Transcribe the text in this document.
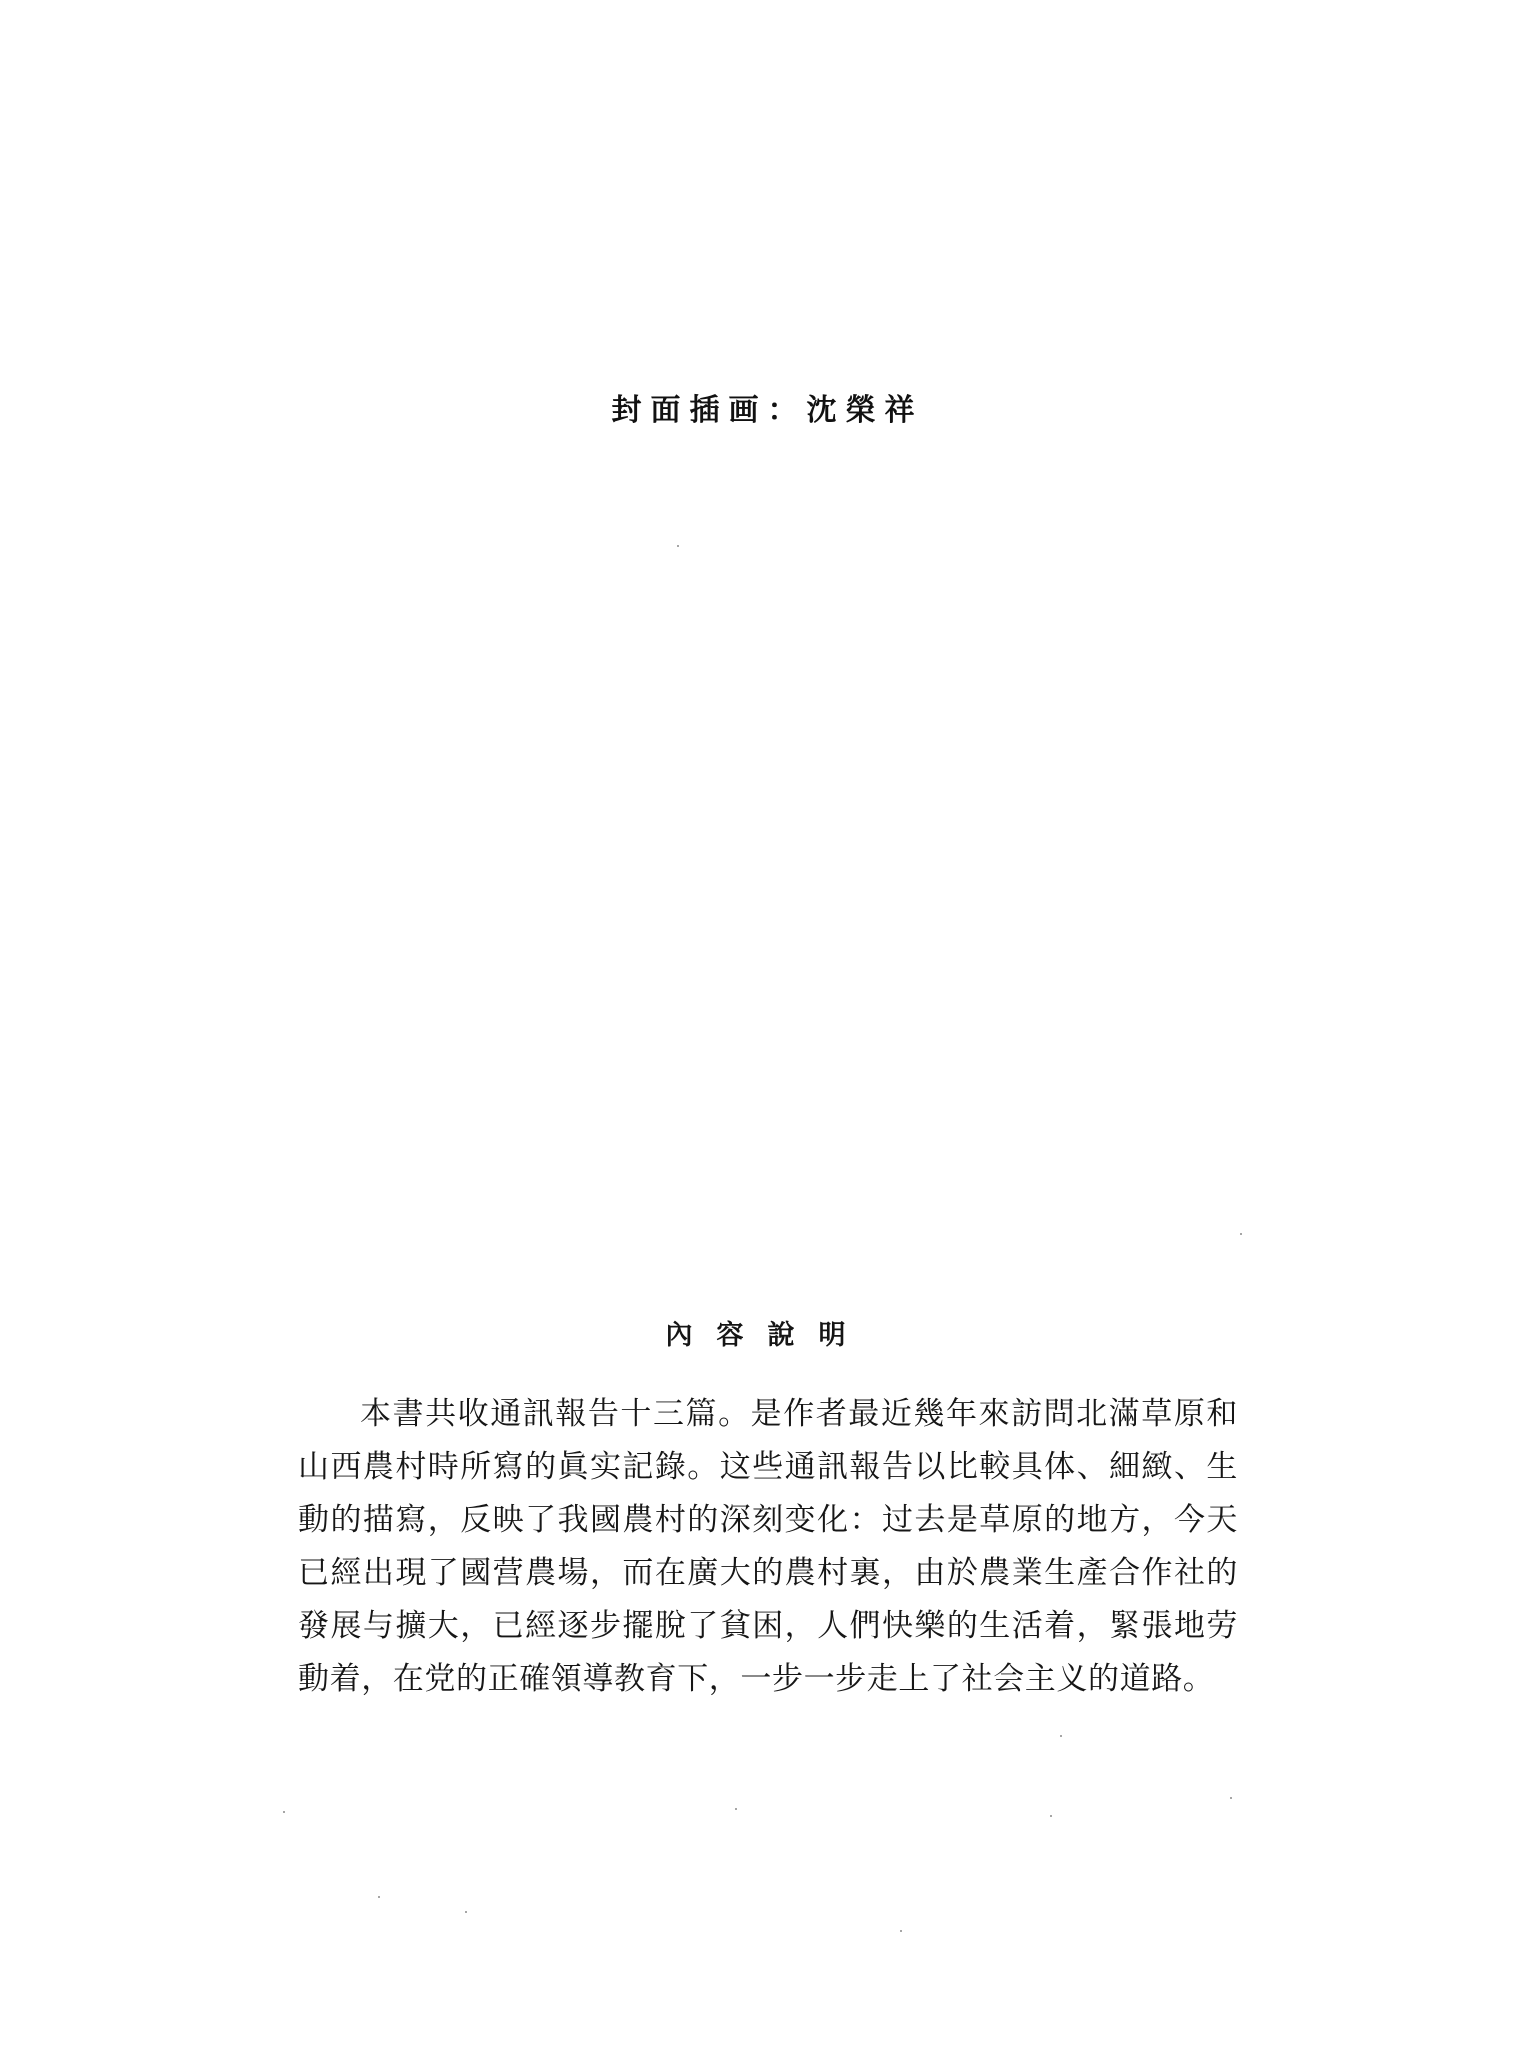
封面插画：沈榮祥
內容說明

本書共收通訊報告十三篇。是作者最近幾年來訪問北滿草原和山西農村時所寫的眞实記錄。这些通訊報告以比較具体、細緻、生動的描寫，反映了我國農村的深刻变化：过去是草原的地方，今天已經出現了國营農場，而在廣大的農村裏，由於農業生產合作社的發展与擴大，已經逐步擺脫了貧困，人們快樂的生活着，緊張地劳動着，在党的正確領導教育下，一步一步走上了社会主义的道路。
